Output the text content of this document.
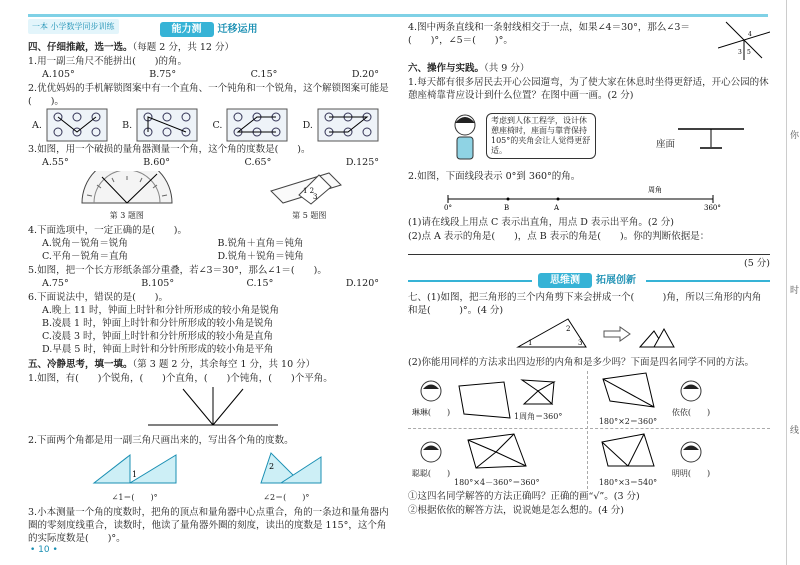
一本 小学数学同步训练	能力测	迁移运用
四、仔细推敲，选一选。（每题 2 分，共 12 分）
1.用一副三角尺不能拼出(　　)的角。
A.105°	B.75°	C.15°	D.20°
2.优优妈妈的手机解锁图案中有一个直角、一个钝角和一个锐角，这个解锁图案可能是(　　)。
A.	B.	C.	D.
3.如图，用一个破损的量角器测量一个角，这个角的度数是(　　)。
A.55°	B.60°	C.65°	D.125°
第 3 题图
1 2
3
第 5 题图
4.下面选项中，一定正确的是(　　)。
A.锐角－锐角＝锐角	B.锐角＋直角＝钝角
C.平角－锐角＝直角	D.锐角＋锐角＝钝角
5.如图，把一个长方形纸条部分重叠，若∠3＝30°，那么∠1＝(　　)。
A.75°	B.105°	C.15°	D.120°
6.下面说法中，错误的是(　　)。
A.晚上 11 时，钟面上时针和分针所形成的较小角是锐角
B.凌晨 1 时，钟面上时针和分针所形成的较小角是锐角
C.凌晨 3 时，钟面上时针和分针所形成的较小角是直角
D.早晨 5 时，钟面上时针和分针所形成的较小角是平角
五、冷静思考，填一填。（第 3 题 2 分，其余每空 1 分，共 10 分）
1.如图，有(　　)个锐角，(　　)个直角，(　　)个钝角，(　　)个平角。
2.下面两个角都是用一副三角尺画出来的，写出各个角的度数。
1
∠1＝(　　)°
2
∠2＝(　　)°
3.小本测量一个角的度数时，把角的顶点和量角器中心点重合，角的一条边和量角器内圈的零刻度线重合，读数时，他读了量角器外圈的刻度，读出的度数是 115°，这个角的实际度数是(　　)°。
4.图中两条直线和一条射线相交于一点，如果∠4＝30°，那么∠3＝(　　)°，∠5＝(　　)°。
3 5
4
六、操作与实践。（共 9 分）
1.每天都有很多居民去开心公园遛弯，为了使大家在休息时坐得更舒适，开心公园的休憩座椅靠背应设计到什么位置？在图中画一画。(2 分)
考虑到人体工程学，设计休憩座椅时，座面与靠背保持105°的夹角会让人觉得更舒适。
座面
2.如图，下面线段表示 0°到 360°的角。
0°	B	A
周角
360°
(1)请在线段上用点 C 表示出直角，用点 D 表示出平角。(2 分)
(2)点 A 表示的角是(　　)，点 B 表示的角是(　　)。你的判断依据是：
(5 分)
思维测	拓展创新
七、(1)如图，把三角形的三个内角剪下来会拼成一个(　　　)角，所以三角形的内角和是(　　　)°。(4 分)
1
2
3
(2)你能用同样的方法求出四边形的内角和是多少吗？下面是四名同学不同的方法。
琳琳(　　)	1周角＝360°
180°×2＝360°
依依(　　)
聪聪(　　)
180°×4－360°＝360°	180°×3＝540°
明明(　　)
①这四名同学解答的方法正确吗？正确的画“√”。(3 分)
②根据依依的解答方法，说说她是怎么想的。(4 分)
你
时
线
• 10 •
